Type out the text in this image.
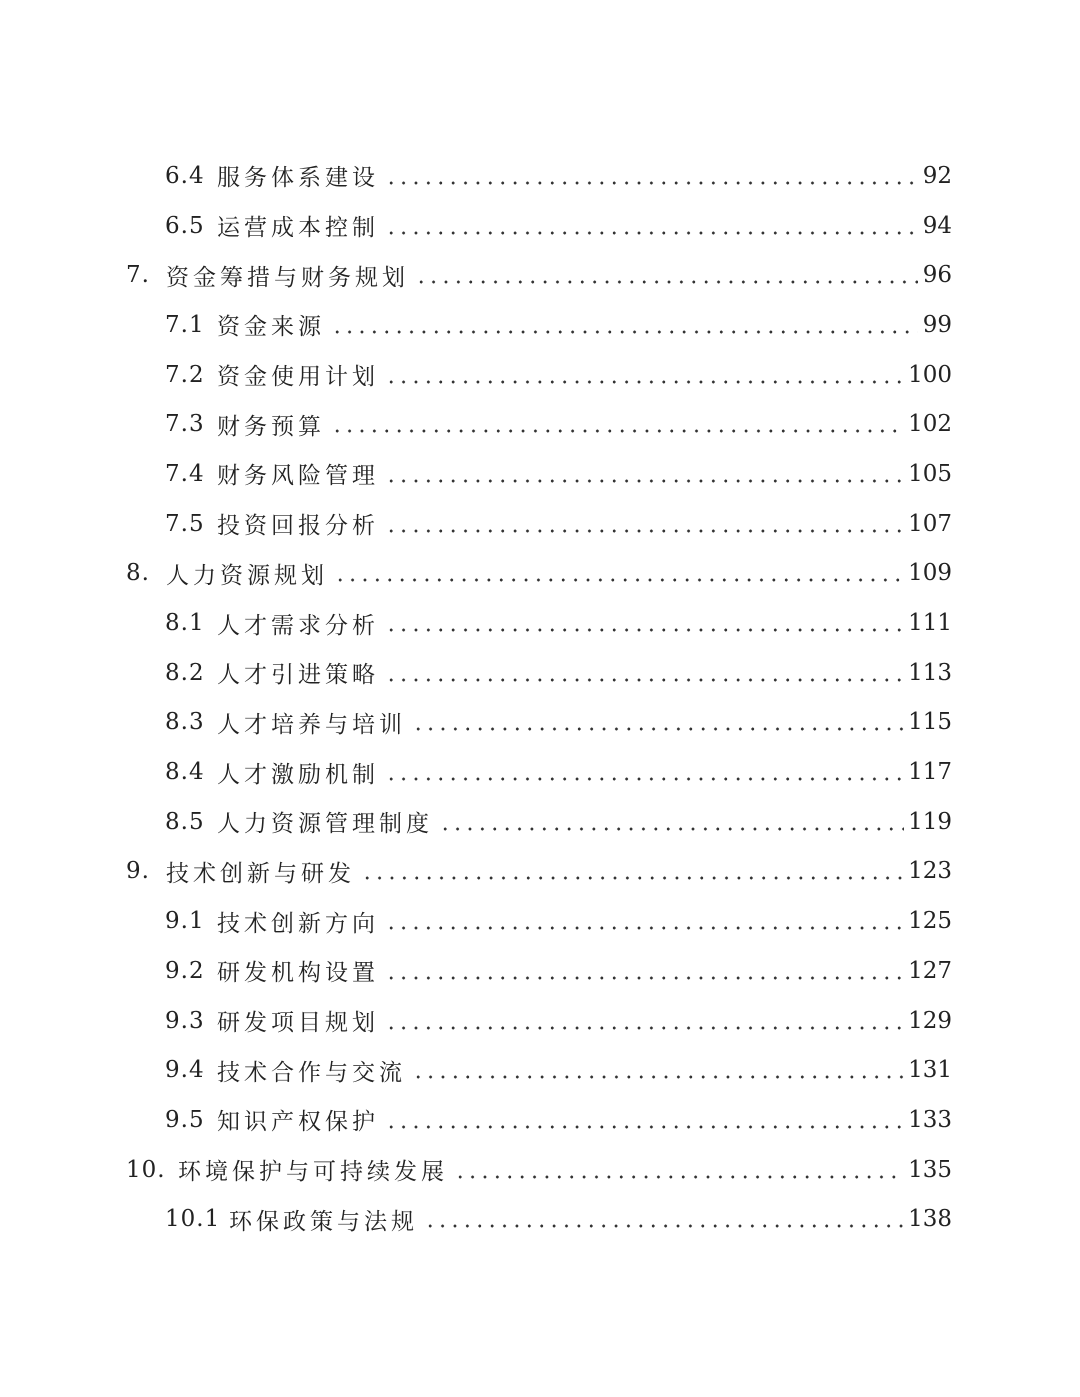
6.4 服务体系建设	92
6.5 运营成本控制	94
7. 资金筹措与财务规划	96
7.1 资金来源	99
7.2 资金使用计划	100
7.3 财务预算	102
7.4 财务风险管理	105
7.5 投资回报分析	107
8. 人力资源规划	109
8.1 人才需求分析	111
8.2 人才引进策略	113
8.3 人才培养与培训	115
8.4 人才激励机制	117
8.5 人力资源管理制度	119
9. 技术创新与研发	123
9.1 技术创新方向	125
9.2 研发机构设置	127
9.3 研发项目规划	129
9.4 技术合作与交流	131
9.5 知识产权保护	133
10. 环境保护与可持续发展	135
10.1 环保政策与法规	138
